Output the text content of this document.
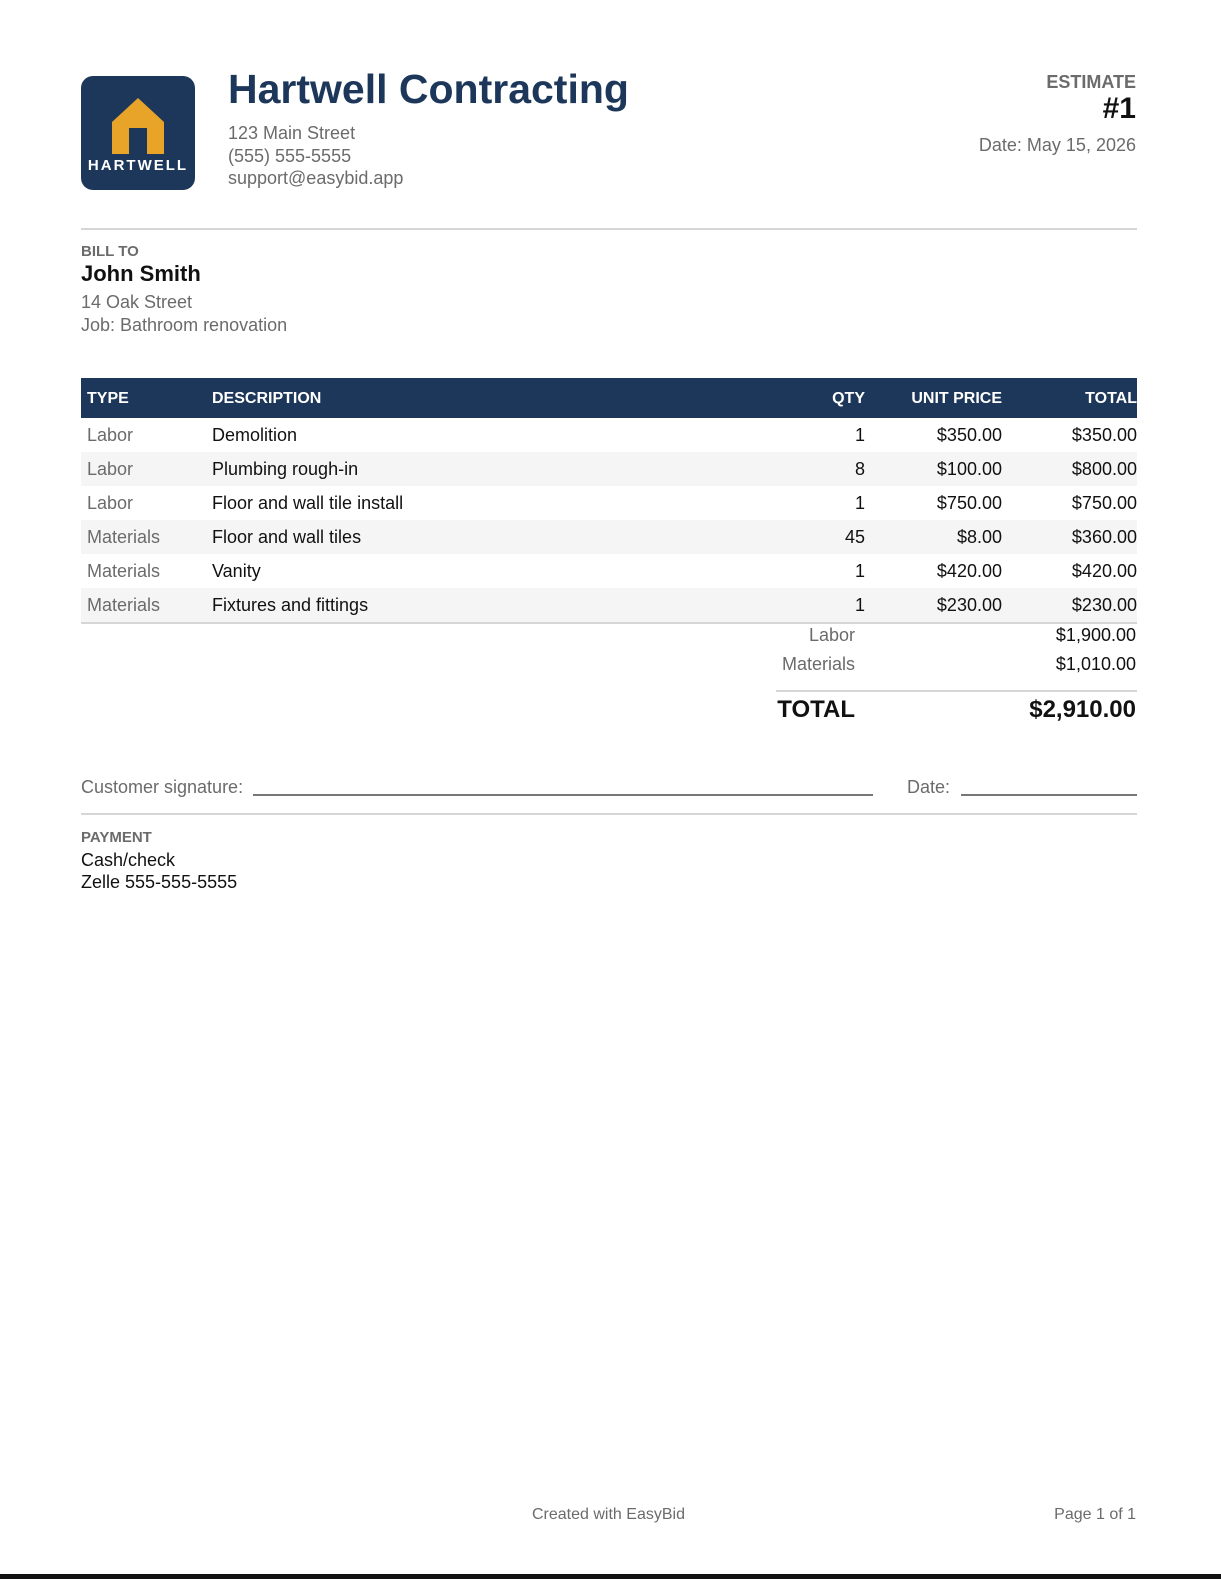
HARTWELL
Hartwell Contracting
123 Main Street
(555) 555-5555
support@easybid.app
ESTIMATE
#1
Date: May 15, 2026
BILL TO
John Smith
14 Oak Street
Job: Bathroom renovation
TYPE	DESCRIPTION	QTY	UNIT PRICE	TOTAL
Labor	Demolition	1	$350.00	$350.00
Labor	Plumbing rough-in	8	$100.00	$800.00
Labor	Floor and wall tile install	1	$750.00	$750.00
Materials	Floor and wall tiles	45	$8.00	$360.00
Materials	Vanity	1	$420.00	$420.00
Materials	Fixtures and fittings	1	$230.00	$230.00
Labor	$1,900.00
Materials	$1,010.00
TOTAL	$2,910.00
Customer signature:	Date:
PAYMENT
Cash/check
Zelle 555-555-5555
Created with EasyBid	Page 1 of 1
